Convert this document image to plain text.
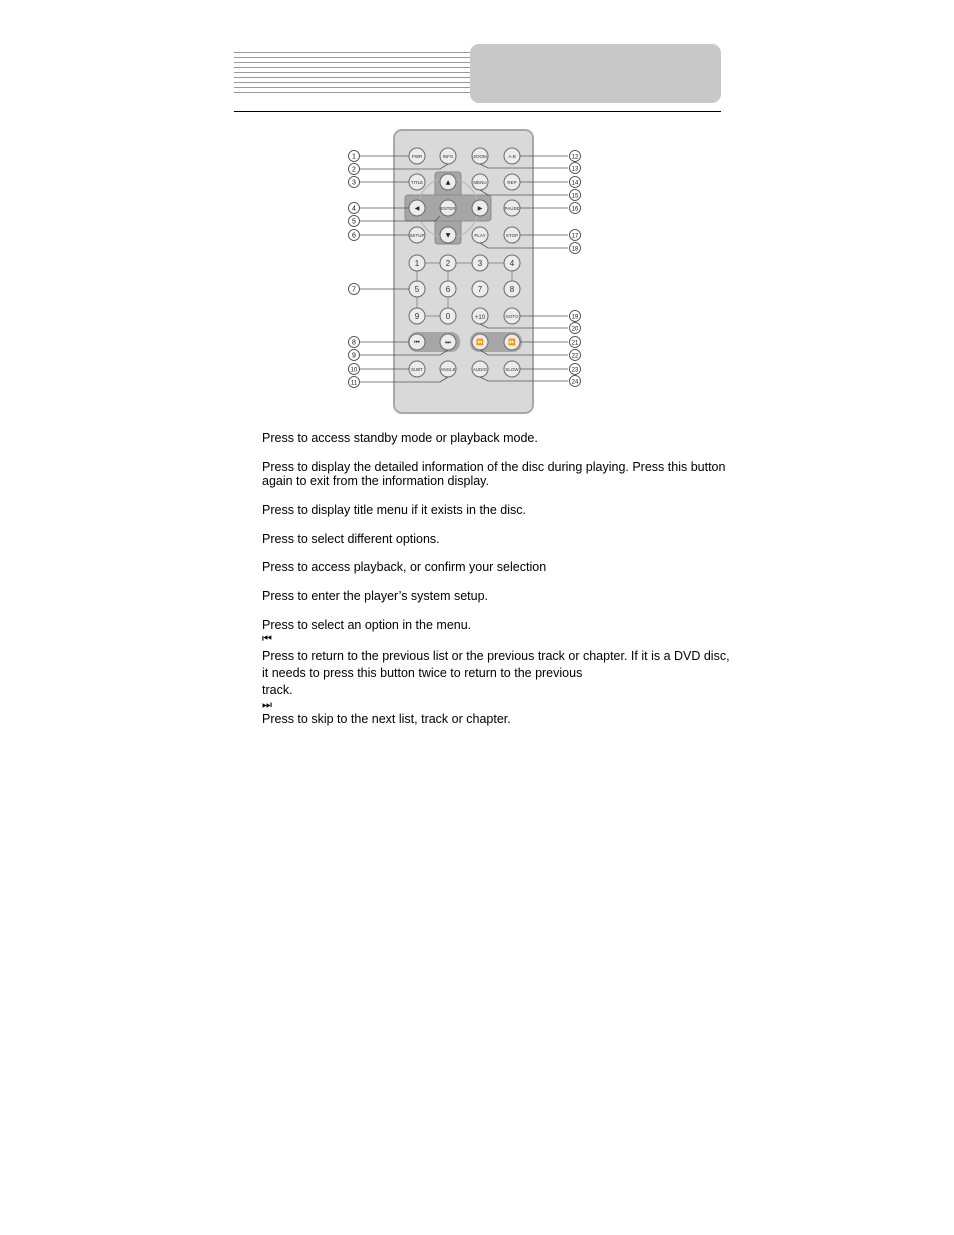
PWR	INFO	ZOOM	A-B
TITLE	MENU	REP
ENTER	PAUSE
SETUP	PLAY	STOP
GOTO
SUBT	ANGLE	AUDIO	SLOW
1	2	3	4
5	6	7	8
9	0	+10
▲
▼
◀	▶
⏮	⏭	⏪	⏩
1
2
3
4
5
6
7
8
9
10
11
12
13
14
15
16
17
18
19
20
21
22
23
24
Press to access standby mode or playback mode.
Press to display the detailed information of the disc during playing. Press this button
again to exit from the information display.
Press to display title menu if it exists in the disc.
Press to select different options.
Press to access playback, or confirm your selection
Press to enter the player’s system setup.
Press to select an option in the menu.
⏮
Press to return to the previous list or the previous track or chapter. If it is a DVD disc,
it needs to press this button twice to return to the previous
track.
⏭
Press to skip to the next list, track or chapter.
